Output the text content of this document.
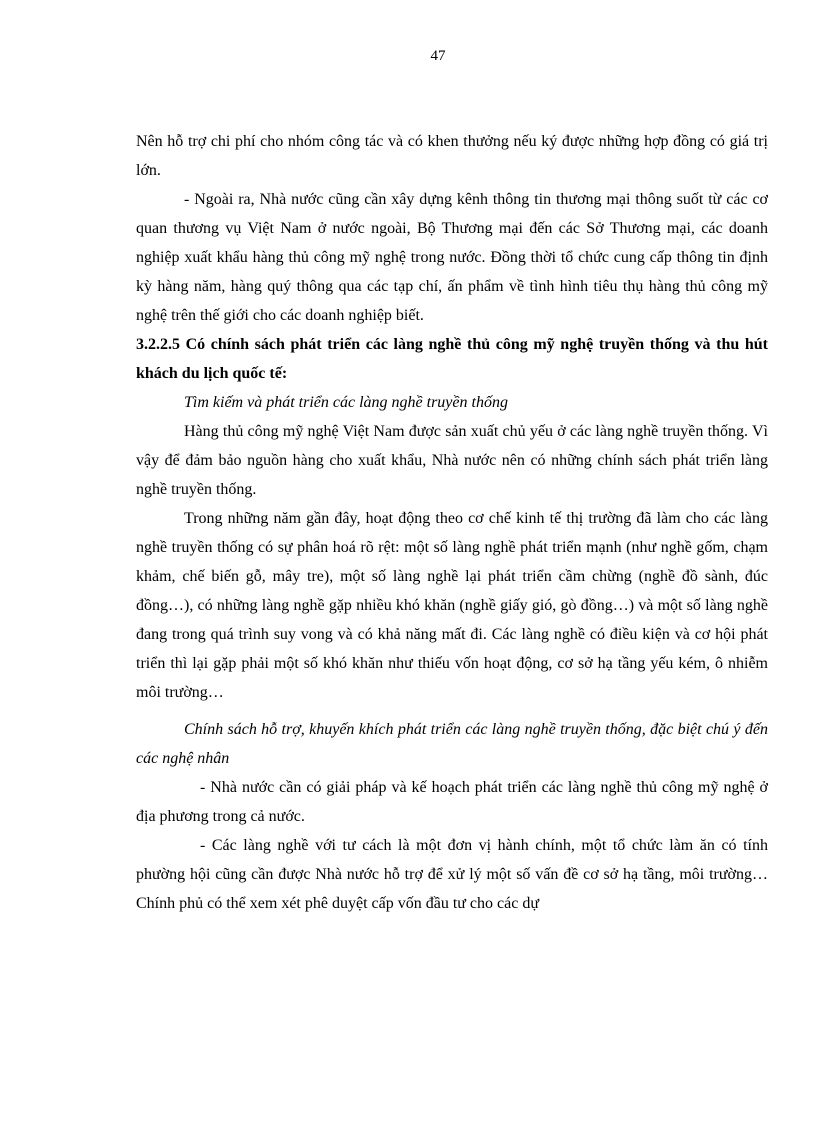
47

Nên hỗ trợ chi phí cho nhóm công tác và có khen thưởng nếu ký được những hợp đồng có giá trị lớn.

- Ngoài ra, Nhà nước cũng cần xây dựng kênh thông tin thương mại thông suốt từ các cơ quan thương vụ Việt Nam ở nước ngoài, Bộ Thương mại đến các Sở Thương mại, các doanh nghiệp xuất khẩu hàng thủ công mỹ nghệ trong nước. Đồng thời tổ chức cung cấp thông tin định kỳ hàng năm, hàng quý thông qua các tạp chí, ấn phẩm về tình hình tiêu thụ hàng thủ công mỹ nghệ trên thế giới cho các doanh nghiệp biết.

3.2.2.5 Có chính sách phát triển các làng nghề thủ công mỹ nghệ truyền thống và thu hút khách du lịch quốc tế:

Tìm kiếm và phát triển các làng nghề truyền thống

Hàng thủ công mỹ nghệ Việt Nam được sản xuất chủ yếu ở các làng nghề truyền thống. Vì vậy để đảm bảo nguồn hàng cho xuất khẩu, Nhà nước nên có những chính sách phát triển làng nghề truyền thống.

Trong những năm gần đây, hoạt động theo cơ chế kinh tế thị trường đã làm cho các làng nghề truyền thống có sự phân hoá rõ rệt: một số làng nghề phát triển mạnh (như nghề gốm, chạm khảm, chế biến gỗ, mây tre), một số làng nghề lại phát triển cầm chừng (nghề đồ sành, đúc đồng…), có những làng nghề gặp nhiều khó khăn (nghề giấy gió, gò đồng…) và một số làng nghề đang trong quá trình suy vong và có khả năng mất đi. Các làng nghề có điều kiện và cơ hội phát triển thì lại gặp phải một số khó khăn như thiếu vốn hoạt động, cơ sở hạ tầng yếu kém, ô nhiễm môi trường…

Chính sách hỗ trợ, khuyến khích phát triển các làng nghề truyền thống, đặc biệt chú ý đến các nghệ nhân

- Nhà nước cần có giải pháp và kế hoạch phát triển các làng nghề thủ công mỹ nghệ ở địa phương trong cả nước.

- Các làng nghề với tư cách là một đơn vị hành chính, một tổ chức làm ăn có tính phường hội cũng cần được Nhà nước hỗ trợ để xử lý một số vấn đề cơ sở hạ tầng, môi trường… Chính phủ có thể xem xét phê duyệt cấp vốn đầu tư cho các dự
